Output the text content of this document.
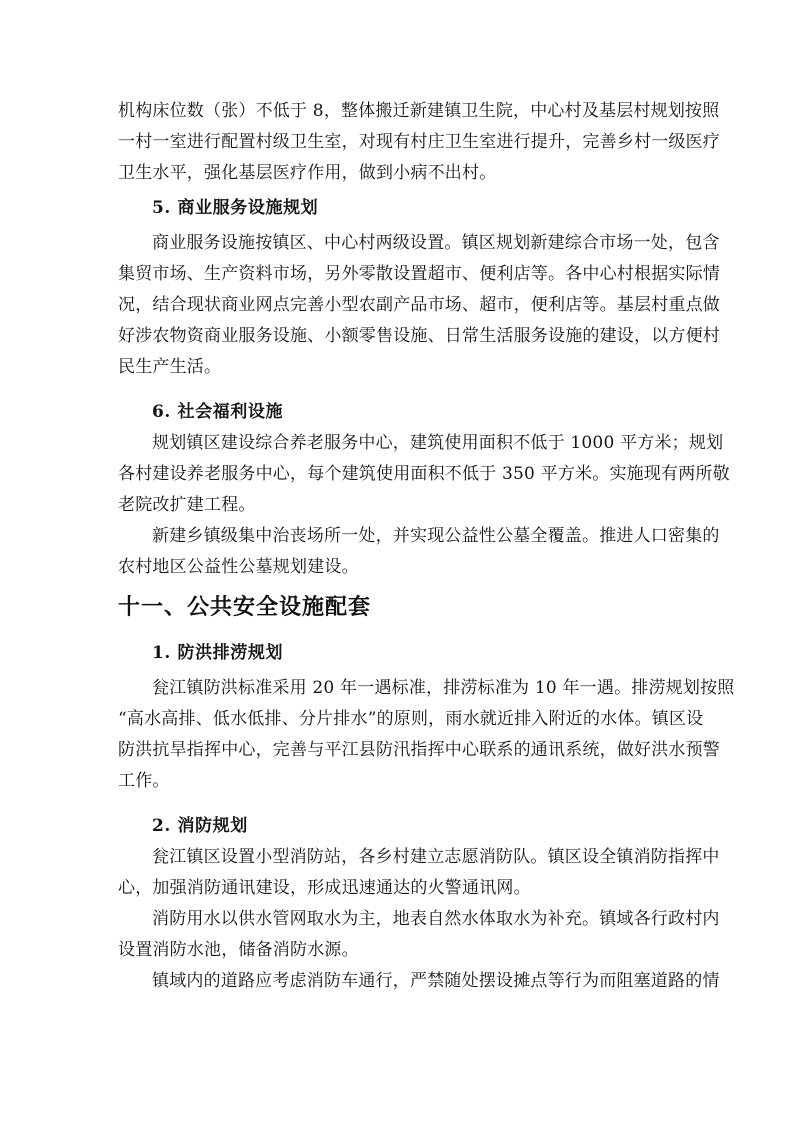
机构床位数（张）不低于 8，整体搬迁新建镇卫生院，中心村及基层村规划按照

一村一室进行配置村级卫生室，对现有村庄卫生室进行提升，完善乡村一级医疗

卫生水平，强化基层医疗作用，做到小病不出村。

5. 商业服务设施规划

商业服务设施按镇区、中心村两级设置。镇区规划新建综合市场一处，包含

集贸市场、生产资料市场，另外零散设置超市、便利店等。各中心村根据实际情

况，结合现状商业网点完善小型农副产品市场、超市，便利店等。基层村重点做

好涉农物资商业服务设施、小额零售设施、日常生活服务设施的建设，以方便村

民生产生活。

6. 社会福利设施

规划镇区建设综合养老服务中心，建筑使用面积不低于 1000 平方米；规划

各村建设养老服务中心，每个建筑使用面积不低于 350 平方米。实施现有两所敬

老院改扩建工程。

新建乡镇级集中治丧场所一处，并实现公益性公墓全覆盖。推进人口密集的

农村地区公益性公墓规划建设。

十一、公共安全设施配套
1. 防洪排涝规划

瓮江镇防洪标准采用 20 年一遇标准，排涝标准为 10 年一遇。排涝规划按照

“高水高排、低水低排、分片排水”的原则，雨水就近排入附近的水体。镇区设

防洪抗旱指挥中心，完善与平江县防汛指挥中心联系的通讯系统，做好洪水预警

工作。

2. 消防规划

瓮江镇区设置小型消防站，各乡村建立志愿消防队。镇区设全镇消防指挥中

心，加强消防通讯建设，形成迅速通达的火警通讯网。

消防用水以供水管网取水为主，地表自然水体取水为补充。镇域各行政村内

设置消防水池，储备消防水源。

镇域内的道路应考虑消防车通行，严禁随处摆设摊点等行为而阻塞道路的情
